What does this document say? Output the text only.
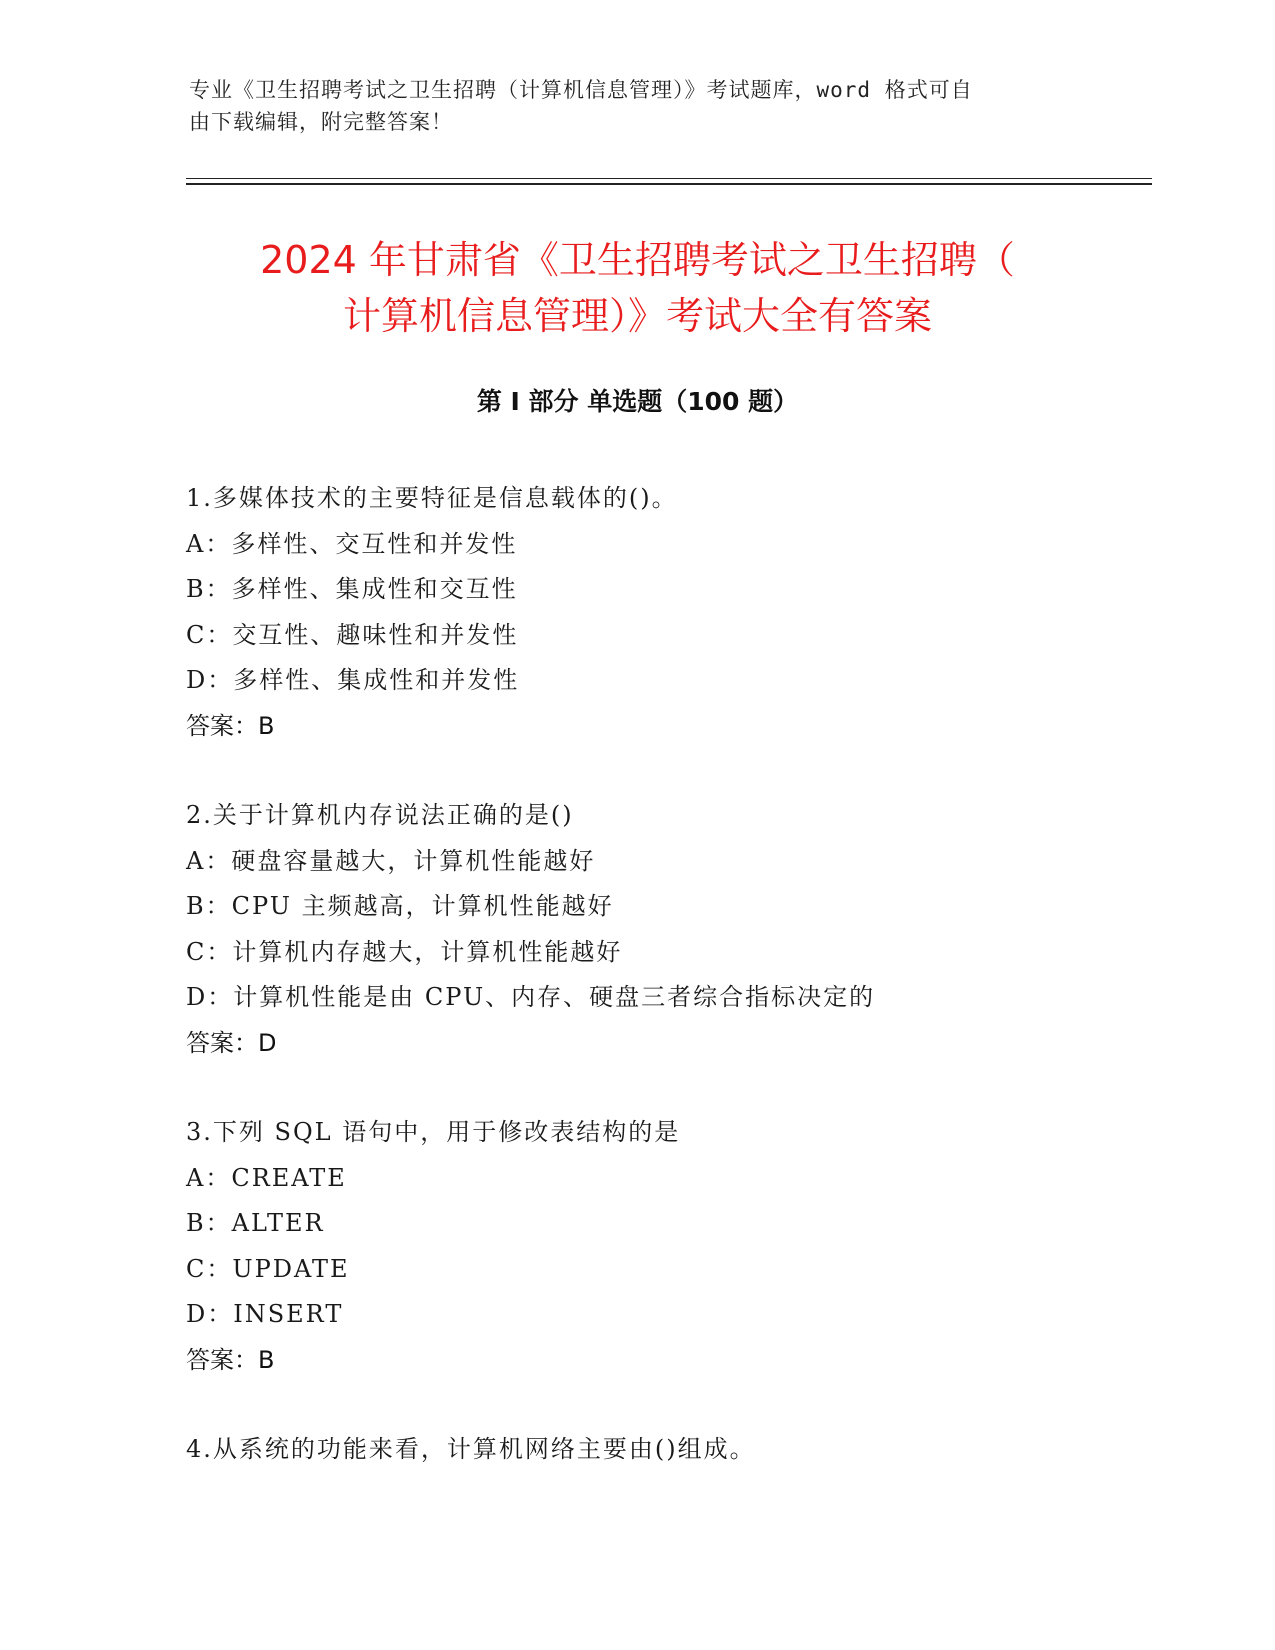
专业《卫生招聘考试之卫生招聘（计算机信息管理）》考试题库，word 格式可自
由下载编辑，附完整答案！
2024 年甘肃省《卫生招聘考试之卫生招聘（
计算机信息管理）》考试大全有答案
第 I 部分 单选题（100 题）
1.多媒体技术的主要特征是信息载体的()。
A：多样性、交互性和并发性
B：多样性、集成性和交互性
C：交互性、趣味性和并发性
D：多样性、集成性和并发性
答案：B
2.关于计算机内存说法正确的是()
A：硬盘容量越大，计算机性能越好
B：CPU 主频越高，计算机性能越好
C：计算机内存越大，计算机性能越好
D：计算机性能是由 CPU、内存、硬盘三者综合指标决定的
答案：D
3.下列 SQL 语句中，用于修改表结构的是
A：CREATE
B：ALTER
C：UPDATE
D：INSERT
答案：B
4.从系统的功能来看，计算机网络主要由()组成。
